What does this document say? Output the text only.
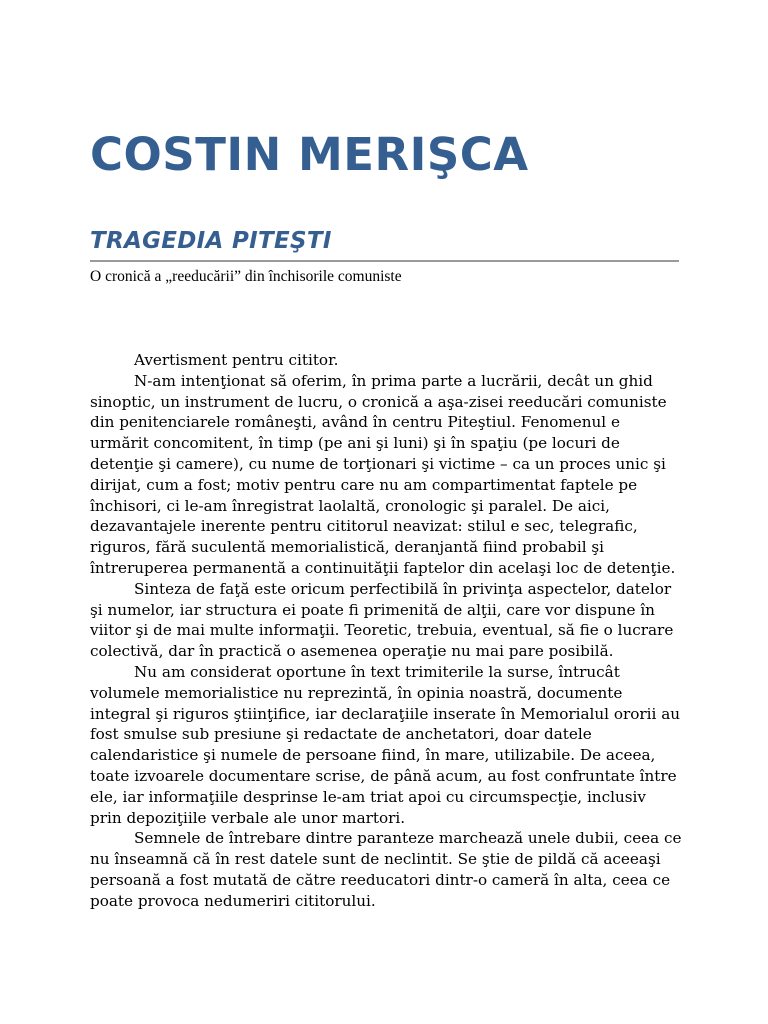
COSTIN MERIŞCA
TRAGEDIA PITEŞTI

O cronică a „reeducării” din închisorile comuniste

Avertisment pentru cititor.

N-am intenţionat să oferim, în prima parte a lucrării, decât un ghid sinoptic, un instrument de lucru, o cronică a aşa-zisei reeducări comuniste din penitenciarele româneşti, având în centru Piteştiul. Fenomenul e urmărit concomitent, în timp (pe ani şi luni) şi în spaţiu (pe locuri de detenţie şi camere), cu nume de torţionari şi victime – ca un proces unic şi dirijat, cum a fost; motiv pentru care nu am compartimentat faptele pe închisori, ci le-am înregistrat laolaltă, cronologic şi paralel. De aici, dezavantajele inerente pentru cititorul neavizat: stilul e sec, telegrafic, riguros, fără suculentă memorialistică, deranjantă fiind probabil şi întreruperea permanentă a continuităţii faptelor din acelaşi loc de detenţie.

Sinteza de faţă este oricum perfectibilă în privinţa aspectelor, datelor şi numelor, iar structura ei poate fi primenită de alţii, care vor dispune în viitor şi de mai multe informaţii. Teoretic, trebuia, eventual, să fie o lucrare colectivă, dar în practică o asemenea operaţie nu mai pare posibilă.

Nu am considerat oportune în text trimiterile la surse, întrucât volumele memorialistice nu reprezintă, în opinia noastră, documente integral şi riguros ştiinţifice, iar declaraţiile inserate în Memorialul ororii au fost smulse sub presiune şi redactate de anchetatori, doar datele calendaristice şi numele de persoane fiind, în mare, utilizabile. De aceea, toate izvoarele documentare scrise, de până acum, au fost confruntate între ele, iar informaţiile desprinse le-am triat apoi cu circumspecţie, inclusiv prin depoziţiile verbale ale unor martori.

Semnele de întrebare dintre paranteze marchează unele dubii, ceea ce nu înseamnă că în rest datele sunt de neclintit. Se ştie de pildă că aceeaşi persoană a fost mutată de către reeducatori dintr-o cameră în alta, ceea ce poate provoca nedumeriri cititorului.
